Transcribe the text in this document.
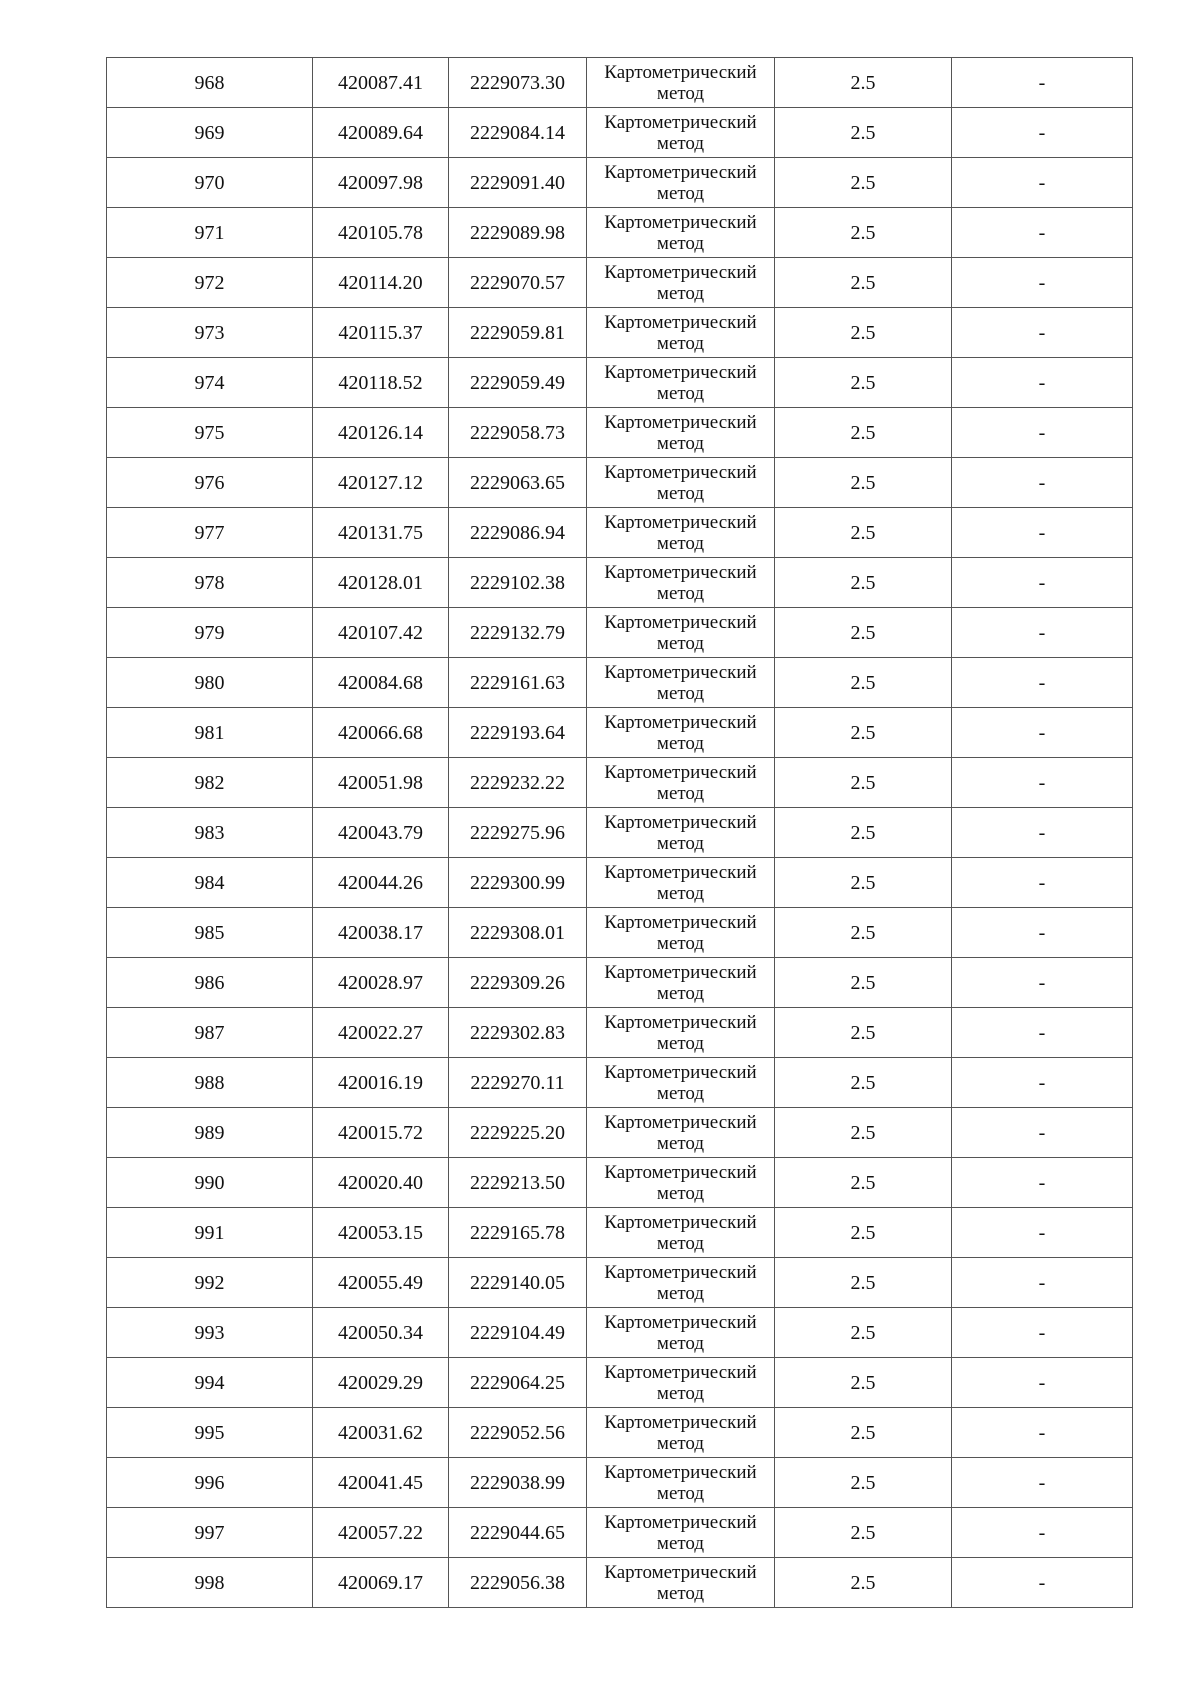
968	420087.41	2229073.30	Картометрический
метод	2.5	-
969	420089.64	2229084.14	Картометрический
метод	2.5	-
970	420097.98	2229091.40	Картометрический
метод	2.5	-
971	420105.78	2229089.98	Картометрический
метод	2.5	-
972	420114.20	2229070.57	Картометрический
метод	2.5	-
973	420115.37	2229059.81	Картометрический
метод	2.5	-
974	420118.52	2229059.49	Картометрический
метод	2.5	-
975	420126.14	2229058.73	Картометрический
метод	2.5	-
976	420127.12	2229063.65	Картометрический
метод	2.5	-
977	420131.75	2229086.94	Картометрический
метод	2.5	-
978	420128.01	2229102.38	Картометрический
метод	2.5	-
979	420107.42	2229132.79	Картометрический
метод	2.5	-
980	420084.68	2229161.63	Картометрический
метод	2.5	-
981	420066.68	2229193.64	Картометрический
метод	2.5	-
982	420051.98	2229232.22	Картометрический
метод	2.5	-
983	420043.79	2229275.96	Картометрический
метод	2.5	-
984	420044.26	2229300.99	Картометрический
метод	2.5	-
985	420038.17	2229308.01	Картометрический
метод	2.5	-
986	420028.97	2229309.26	Картометрический
метод	2.5	-
987	420022.27	2229302.83	Картометрический
метод	2.5	-
988	420016.19	2229270.11	Картометрический
метод	2.5	-
989	420015.72	2229225.20	Картометрический
метод	2.5	-
990	420020.40	2229213.50	Картометрический
метод	2.5	-
991	420053.15	2229165.78	Картометрический
метод	2.5	-
992	420055.49	2229140.05	Картометрический
метод	2.5	-
993	420050.34	2229104.49	Картометрический
метод	2.5	-
994	420029.29	2229064.25	Картометрический
метод	2.5	-
995	420031.62	2229052.56	Картометрический
метод	2.5	-
996	420041.45	2229038.99	Картометрический
метод	2.5	-
997	420057.22	2229044.65	Картометрический
метод	2.5	-
998	420069.17	2229056.38	Картометрический
метод	2.5	-
